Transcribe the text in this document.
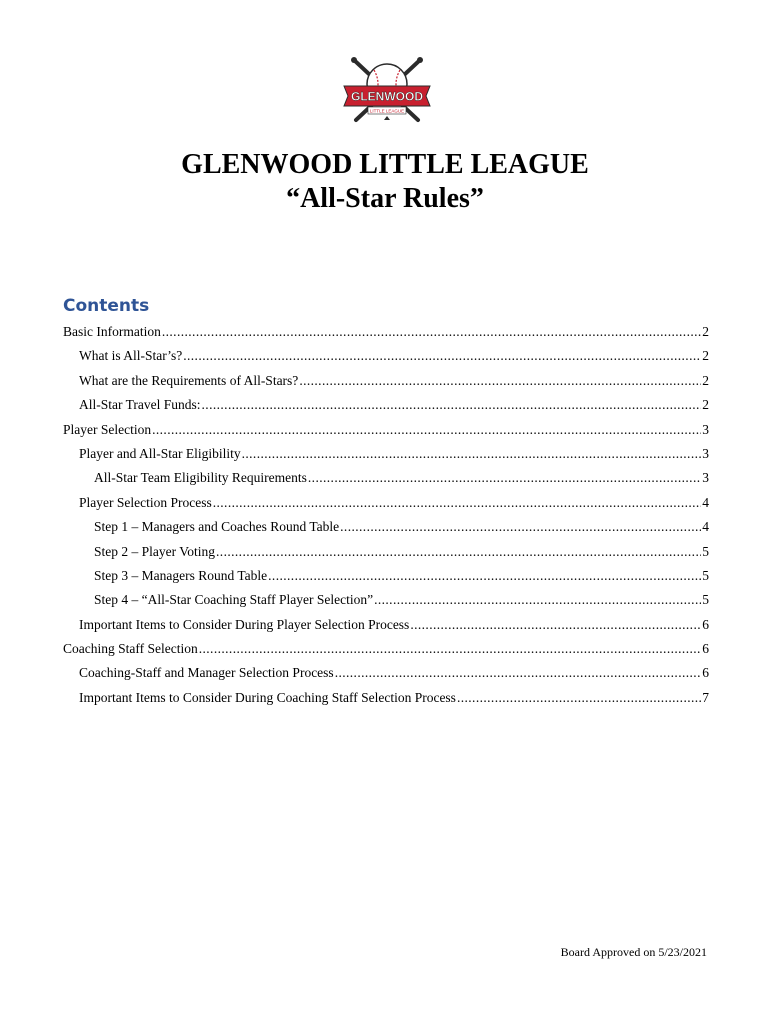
GLENWOOD
LITTLE LEAGUE

GLENWOOD LITTLE LEAGUE

“All-Star Rules”

Contents
Basic Information .....	2
What is All-Star’s? .....	2
What are the Requirements of All-Stars? .....	2
All-Star Travel Funds: .....	2
Player Selection .....	3
Player and All-Star Eligibility .....	3
All-Star Team Eligibility Requirements .....	3
Player Selection Process .....	4
Step 1 – Managers and Coaches Round Table .....	4
Step 2 – Player Voting .....	5
Step 3 – Managers Round Table .....	5
Step 4 – “All-Star Coaching Staff Player Selection” .....	5
Important Items to Consider During Player Selection Process .....	6
Coaching Staff Selection .....	6
Coaching-Staff and Manager Selection Process .....	6
Important Items to Consider During Coaching Staff Selection Process .....	7

Board Approved on 5/23/2021
